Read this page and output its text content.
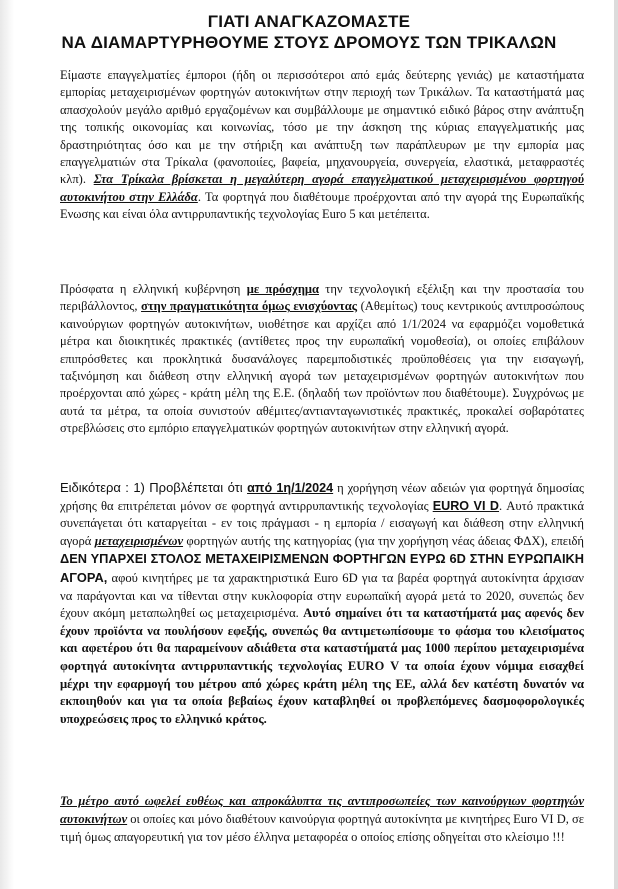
ΓΙΑΤΙ ΑΝΑΓΚΑΖΟΜΑΣΤΕ
ΝΑ ΔΙΑΜΑΡΤΥΡΗΘΟΥΜΕ ΣΤΟΥΣ ΔΡΟΜΟΥΣ ΤΩΝ ΤΡΙΚΑΛΩΝ
Είμαστε επαγγελματίες έμποροι (ήδη οι περισσότεροι από εμάς δεύτερης γενιάς) με καταστήματα εμπορίας μεταχειρισμένων φορτηγών αυτοκινήτων στην περιοχή των Τρικάλων. Τα καταστήματά μας απασχολούν μεγάλο αριθμό εργαζομένων και συμβάλλουμε με σημαντικό ειδικό βάρος στην ανάπτυξη της τοπικής οικονομίας και κοινωνίας, τόσο με την άσκηση της κύριας επαγγελματικής μας δραστηριότητας όσο και με την στήριξη και ανάπτυξη των παράπλευρων με την εμπορία μας επαγγελματιών στα Τρίκαλα (φανοποιίες, βαφεία, μηχανουργεία, συνεργεία, ελαστικά, μεταφραστές κλπ). Στα Τρίκαλα βρίσκεται η μεγαλύτερη αγορά επαγγελματικού μεταχειρισμένου φορτηγού αυτοκινήτου στην Ελλάδα. Τα φορτηγά που διαθέτουμε προέρχονται από την αγορά της Ευρωπαϊκής Ενωσης και είναι όλα αντιρρυπαντικής τεχνολογίας Euro 5 και μετέπειτα.
Πρόσφατα η ελληνική κυβέρνηση με πρόσχημα την τεχνολογική εξέλιξη και την προστασία του περιβάλλοντος, στην πραγματικότητα όμως ενισχύοντας (Αθεμίτως) τους κεντρικούς αντιπροσώπους καινούργιων φορτηγών αυτοκινήτων, υιοθέτησε και αρχίζει από 1/1/2024 να εφαρμόζει νομοθετικά μέτρα και διοικητικές πρακτικές (αντίθετες προς την ευρωπαϊκή νομοθεσία), οι οποίες επιβάλουν επιπρόσθετες και προκλητικά δυσανάλογες παρεμποδιστικές προϋποθέσεις για την εισαγωγή, ταξινόμηση και διάθεση στην ελληνική αγορά των μεταχειρισμένων φορτηγών αυτοκινήτων που προέρχονται από χώρες - κράτη μέλη της Ε.Ε. (δηλαδή των προϊόντων που διαθέτουμε). Συγχρόνως με αυτά τα μέτρα, τα οποία συνιστούν αθέμιτες/αντιανταγωνιστικές πρακτικές, προκαλεί σοβαρότατες στρεβλώσεις στο εμπόριο επαγγελματικών φορτηγών αυτοκινήτων στην ελληνική αγορά.
Ειδικότερα : 1) Προβλέπεται ότι από 1η/1/2024 η χορήγηση νέων αδειών για φορτηγά δημοσίας χρήσης θα επιτρέπεται μόνον σε φορτηγά αντιρρυπαντικής τεχνολογίας EURO VI D. Αυτό πρακτικά συνεπάγεται ότι καταργείται - εν τοις πράγμασι - η εμπορία / εισαγωγή και διάθεση στην ελληνική αγορά μεταχειρισμένων φορτηγών αυτής της κατηγορίας (για την χορήγηση νέας άδειας ΦΔΧ), επειδή ΔΕΝ ΥΠΑΡΧΕΙ ΣΤΟΛΟΣ ΜΕΤΑΧΕΙΡΙΣΜΕΝΩΝ ΦΟΡΤΗΓΩΝ ΕΥΡΩ 6D ΣΤΗΝ ΕΥΡΩΠΑΙΚΗ ΑΓΟΡΑ, αφού κινητήρες με τα χαρακτηριστικά Euro 6D για τα βαρέα φορτηγά αυτοκίνητα άρχισαν να παράγονται και να τίθενται στην κυκλοφορία στην ευρωπαϊκή αγορά μετά το 2020, συνεπώς δεν έχουν ακόμη μεταπωληθεί ως μεταχειρισμένα. Αυτό σημαίνει ότι τα καταστήματά μας αφενός δεν έχουν προϊόντα να πουλήσουν εφεξής, συνεπώς θα αντιμετωπίσουμε το φάσμα του κλεισίματος και αφετέρου ότι θα παραμείνουν αδιάθετα στα καταστήματά μας 1000 περίπου μεταχειρισμένα φορτηγά αυτοκίνητα αντιρρυπαντικής τεχνολογίας EURO V τα οποία έχουν νόμιμα εισαχθεί μέχρι την εφαρμογή του μέτρου από χώρες κράτη μέλη της ΕΕ, αλλά δεν κατέστη δυνατόν να εκποιηθούν και για τα οποία βεβαίως έχουν καταβληθεί οι προβλεπόμενες δασμοφορολογικές υποχρεώσεις προς το ελληνικό κράτος.
Το μέτρο αυτό ωφελεί ευθέως και απροκάλυπτα τις αντιπροσωπείες των καινούργιων φορτηγών αυτοκινήτων οι οποίες και μόνο διαθέτουν καινούργια φορτηγά αυτοκίνητα με κινητήρες Euro VI D, σε τιμή όμως απαγορευτική για τον μέσο έλληνα μεταφορέα ο οποίος επίσης οδηγείται στο κλείσιμο !!!
